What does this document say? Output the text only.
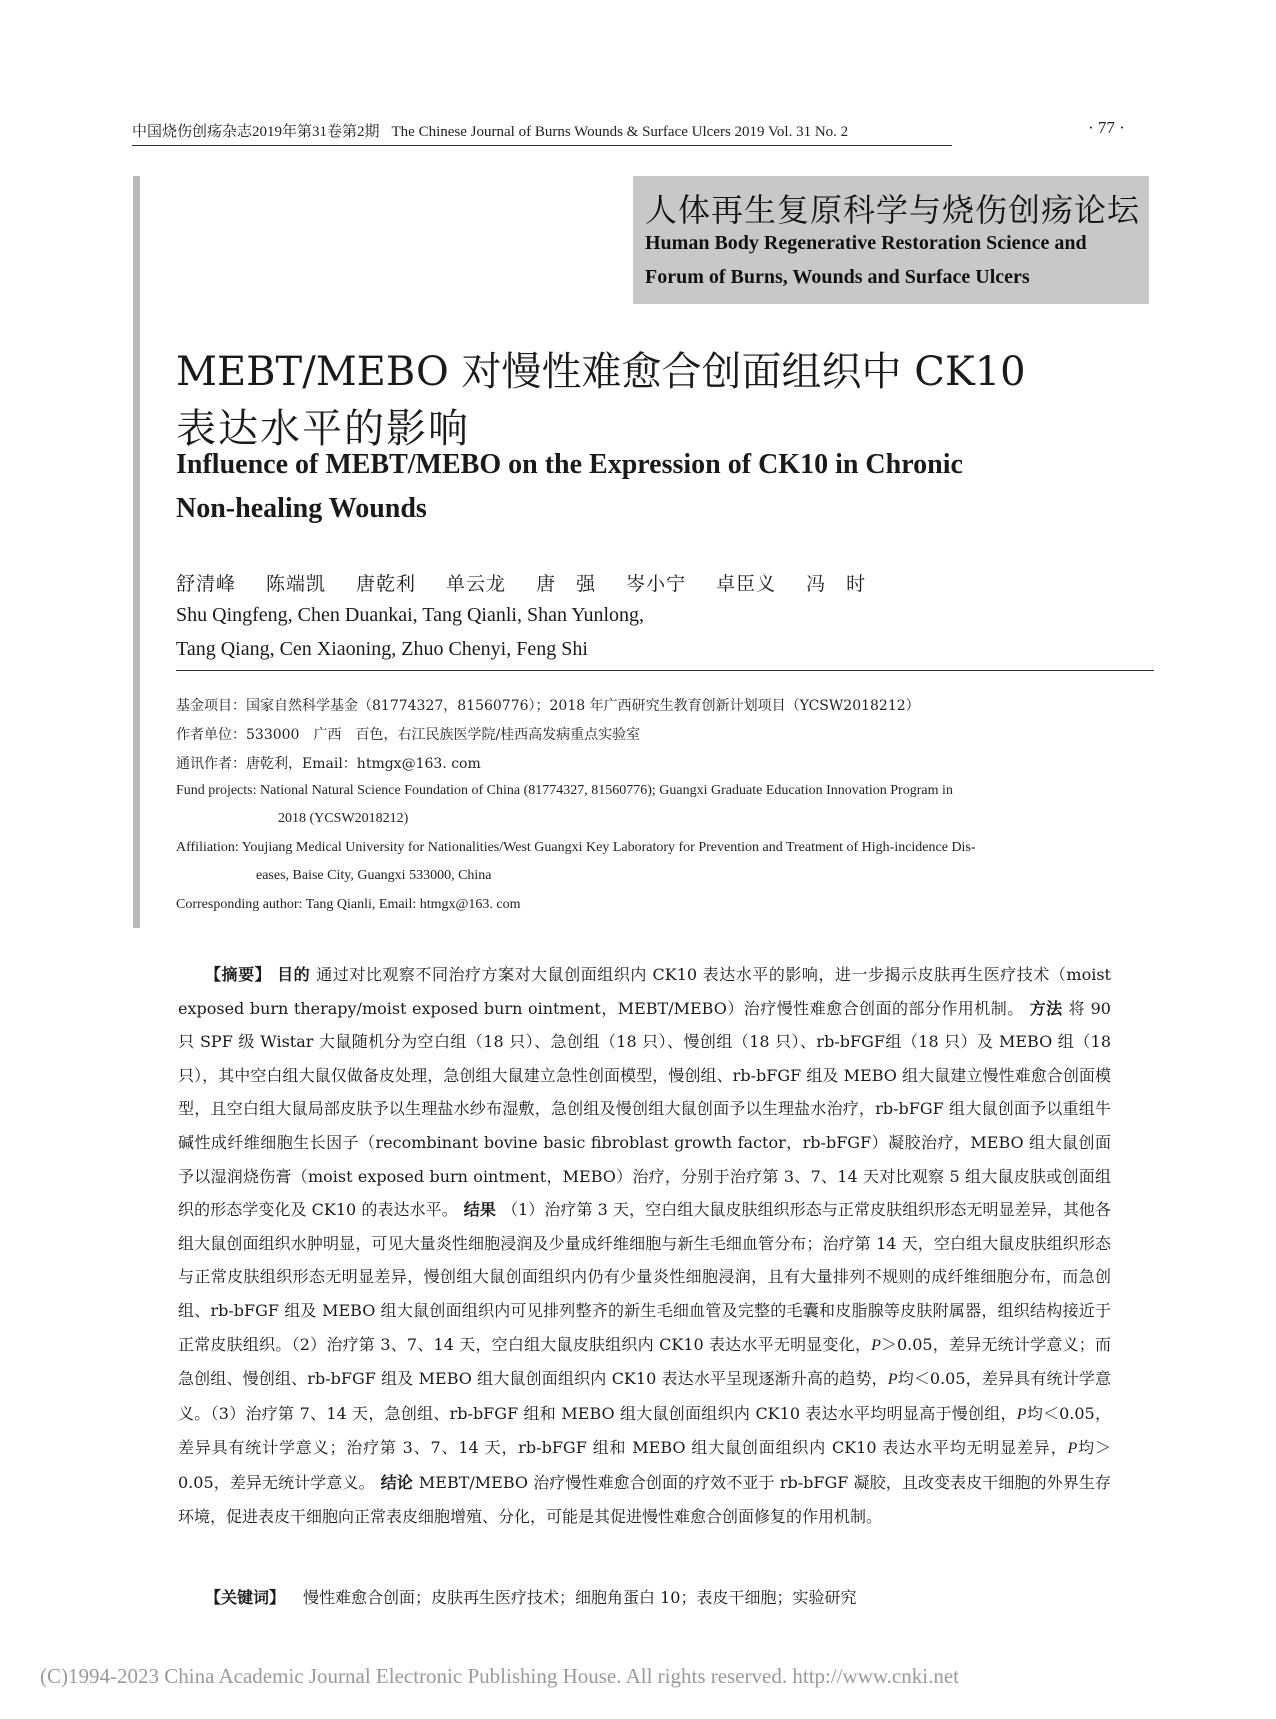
中国烧伤创疡杂志2019年第31卷第2期 The Chinese Journal of Burns Wounds & Surface Ulcers 2019 Vol. 31 No. 2	· 77 ·
人体再生复原科学与烧伤创疡论坛
Human Body Regenerative Restoration Science and
Forum of Burns, Wounds and Surface Ulcers
MEBT/MEBO 对慢性难愈合创面组织中 CK10
表达水平的影响
Influence of MEBT/MEBO on the Expression of CK10 in Chronic
Non-healing Wounds
舒清峰 陈端凯 唐乾利 单云龙 唐　强 岑小宁 卓臣义 冯　时
Shu Qingfeng, Chen Duankai, Tang Qianli, Shan Yunlong,
Tang Qiang, Cen Xiaoning, Zhuo Chenyi, Feng Shi
基金项目：国家自然科学基金（81774327，81560776）；2018 年广西研究生教育创新计划项目（YCSW2018212）
作者单位：533000　广西　百色，右江民族医学院/桂西高发病重点实验室
通讯作者：唐乾利，Email：htmgx@163. com
Fund projects: National Natural Science Foundation of China (81774327, 81560776); Guangxi Graduate Education Innovation Program in
2018 (YCSW2018212)
Affiliation: Youjiang Medical University for Nationalities/West Guangxi Key Laboratory for Prevention and Treatment of High-incidence Dis-
eases, Baise City, Guangxi 533000, China
Corresponding author: Tang Qianli, Email: htmgx@163. com

【摘要】 目的 通过对比观察不同治疗方案对大鼠创面组织内 CK10 表达水平的影响，进一步揭示皮肤再生医疗技术（moist exposed burn therapy/moist exposed burn ointment，MEBT/MEBO）治疗慢性难愈合创面的部分作用机制。 方法 将 90 只 SPF 级 Wistar 大鼠随机分为空白组（18 只）、急创组（18 只）、慢创组（18 只）、rb-bFGF组（18 只）及 MEBO 组（18 只），其中空白组大鼠仅做备皮处理，急创组大鼠建立急性创面模型，慢创组、rb-bFGF 组及 MEBO 组大鼠建立慢性难愈合创面模型，且空白组大鼠局部皮肤予以生理盐水纱布湿敷，急创组及慢创组大鼠创面予以生理盐水治疗，rb-bFGF 组大鼠创面予以重组牛碱性成纤维细胞生长因子（recombinant bovine basic fibroblast growth factor，rb-bFGF）凝胶治疗，MEBO 组大鼠创面予以湿润烧伤膏（moist exposed burn ointment，MEBO）治疗，分别于治疗第 3、7、14 天对比观察 5 组大鼠皮肤或创面组织的形态学变化及 CK10 的表达水平。 结果 （1）治疗第 3 天，空白组大鼠皮肤组织形态与正常皮肤组织形态无明显差异，其他各组大鼠创面组织水肿明显，可见大量炎性细胞浸润及少量成纤维细胞与新生毛细血管分布；治疗第 14 天，空白组大鼠皮肤组织形态与正常皮肤组织形态无明显差异，慢创组大鼠创面组织内仍有少量炎性细胞浸润，且有大量排列不规则的成纤维细胞分布，而急创组、rb-bFGF 组及 MEBO 组大鼠创面组织内可见排列整齐的新生毛细血管及完整的毛囊和皮脂腺等皮肤附属器，组织结构接近于正常皮肤组织。（2）治疗第 3、7、14 天，空白组大鼠皮肤组织内 CK10 表达水平无明显变化，P＞0.05，差异无统计学意义；而急创组、慢创组、rb-bFGF 组及 MEBO 组大鼠创面组织内 CK10 表达水平呈现逐渐升高的趋势，P均＜0.05，差异具有统计学意义。（3）治疗第 7、14 天，急创组、rb-bFGF 组和 MEBO 组大鼠创面组织内 CK10 表达水平均明显高于慢创组，P均＜0.05，差异具有统计学意义；治疗第 3、7、14 天，rb-bFGF 组和 MEBO 组大鼠创面组织内 CK10 表达水平均无明显差异，P均＞0.05，差异无统计学意义。 结论 MEBT/MEBO 治疗慢性难愈合创面的疗效不亚于 rb-bFGF 凝胶，且改变表皮干细胞的外界生存环境，促进表皮干细胞向正常表皮细胞增殖、分化，可能是其促进慢性难愈合创面修复的作用机制。

【关键词】 慢性难愈合创面；皮肤再生医疗技术；细胞角蛋白 10；表皮干细胞；实验研究
(C)1994-2023 China Academic Journal Electronic Publishing House. All rights reserved. http://www.cnki.net
